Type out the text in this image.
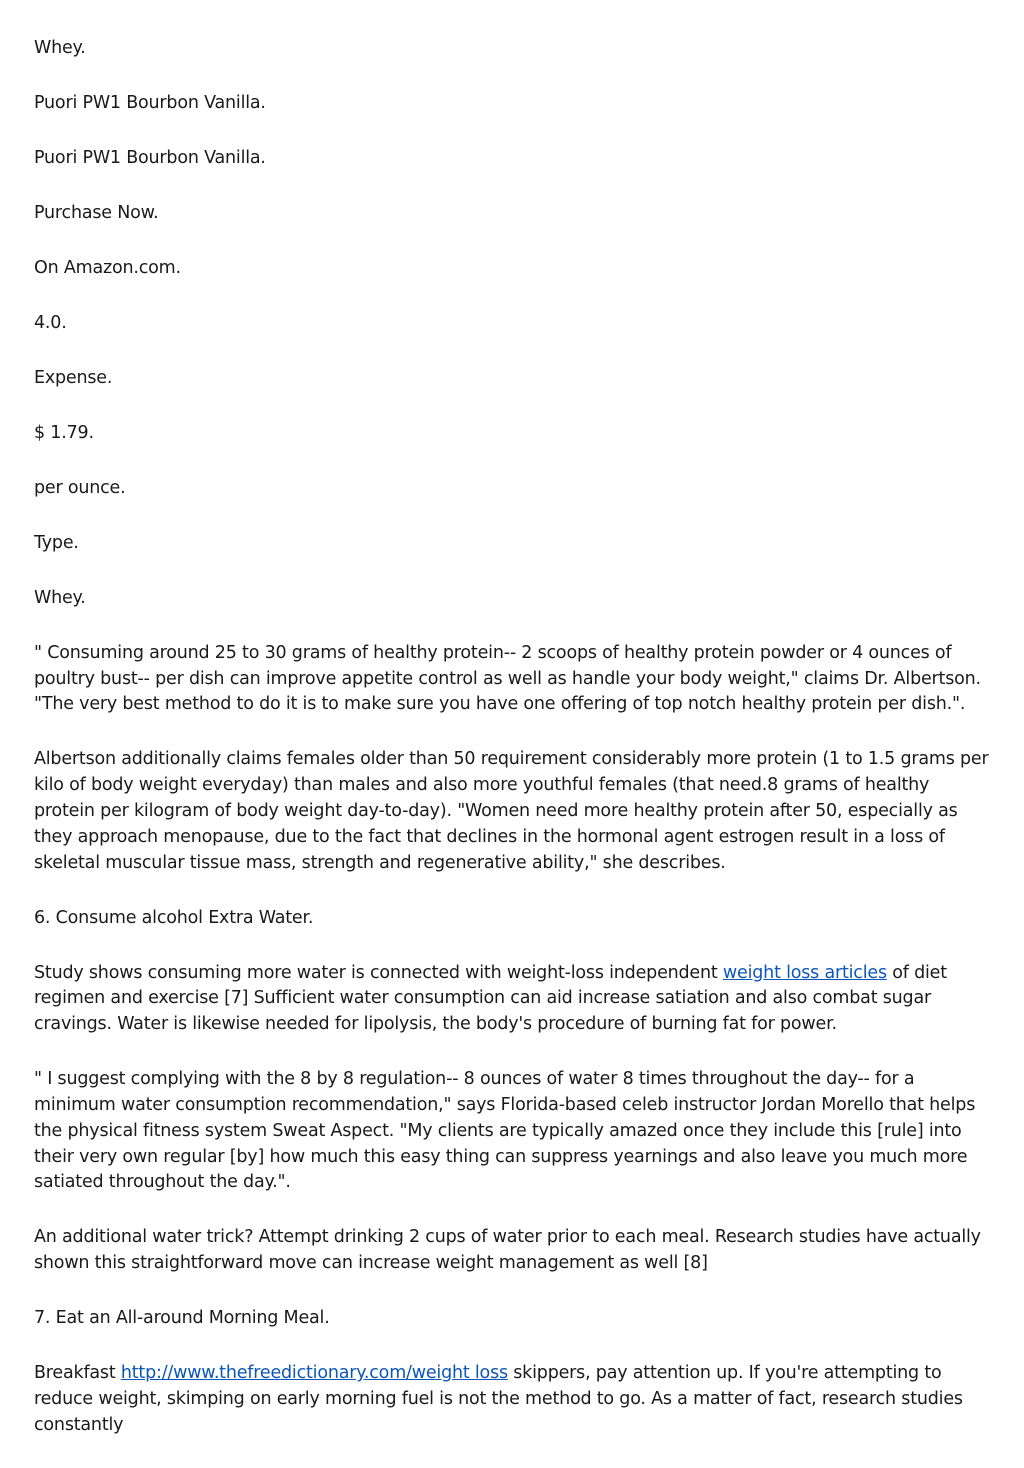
Whey.

Puori PW1 Bourbon Vanilla.

Puori PW1 Bourbon Vanilla.

Purchase Now.

On Amazon.com.

4.0.

Expense.

$ 1.79.

per ounce.

Type.

Whey.

" Consuming around 25 to 30 grams of healthy protein-- 2 scoops of healthy protein powder or 4 ounces of poultry bust-- per dish can improve appetite control as well as handle your body weight," claims Dr. Albertson. "The very best method to do it is to make sure you have one offering of top notch healthy protein per dish.".

Albertson additionally claims females older than 50 requirement considerably more protein (1 to 1.5 grams per kilo of body weight everyday) than males and also more youthful females (that need.8 grams of healthy protein per kilogram of body weight day-to-day). "Women need more healthy protein after 50, especially as they approach menopause, due to the fact that declines in the hormonal agent estrogen result in a loss of skeletal muscular tissue mass, strength and regenerative ability," she describes.

6. Consume alcohol Extra Water.

Study shows consuming more water is connected with weight-loss independent weight loss articles of diet regimen and exercise [7] Sufficient water consumption can aid increase satiation and also combat sugar cravings. Water is likewise needed for lipolysis, the body's procedure of burning fat for power.

" I suggest complying with the 8 by 8 regulation-- 8 ounces of water 8 times throughout the day-- for a minimum water consumption recommendation," says Florida-based celeb instructor Jordan Morello that helps the physical fitness system Sweat Aspect. "My clients are typically amazed once they include this [rule] into their very own regular [by] how much this easy thing can suppress yearnings and also leave you much more satiated throughout the day.".

An additional water trick? Attempt drinking 2 cups of water prior to each meal. Research studies have actually shown this straightforward move can increase weight management as well [8]

7. Eat an All-around Morning Meal.

Breakfast http://www.thefreedictionary.com/weight loss skippers, pay attention up. If you're attempting to reduce weight, skimping on early morning fuel is not the method to go. As a matter of fact, research studies constantly
